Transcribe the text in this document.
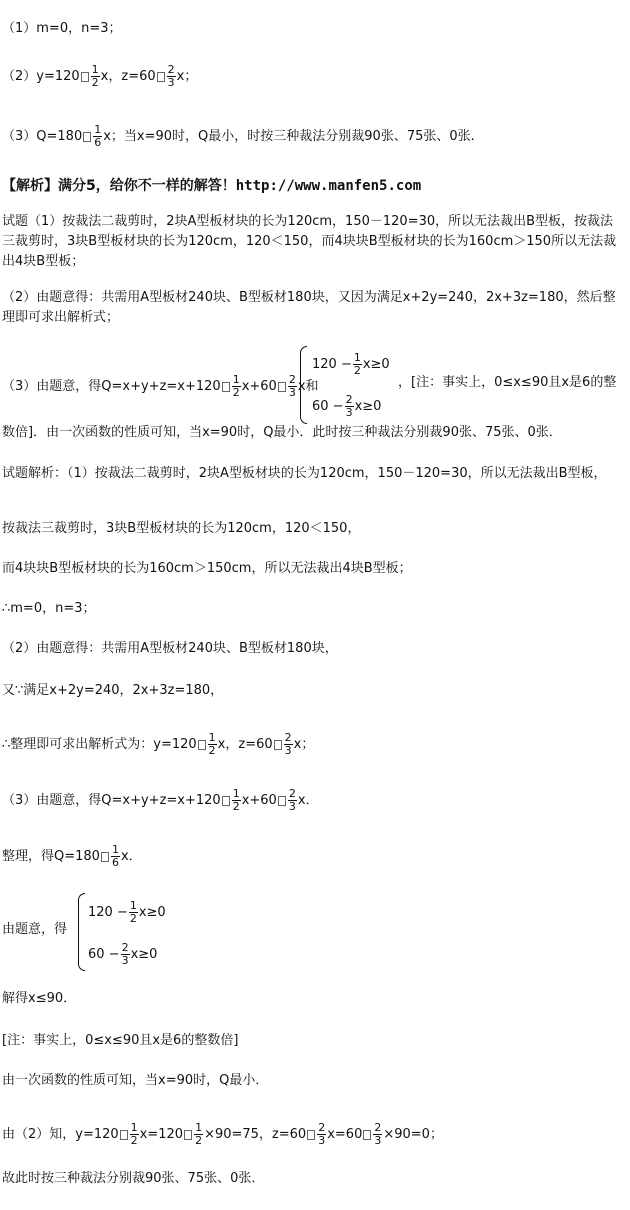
（1）m=0，n=3；
$(2)y=120 \frac{1}{2}$ x，$z=60 \frac{2}{3}$ x；
$(3)Q=180 \frac{1}{6}$ x；当x=90时，Q最小，时按三种裁法分别裁90张、75张、0张.
【解析】满分5，给你不一样的解答！http://www.manfen5.com
试题（1）按裁法二裁剪时，2块A型板材块的长为120cm，150－120=30，所以无法裁出B型板，按裁法三裁剪时，3块B型板材块的长为120cm，120＜150，而4块块B型板材块的长为160cm＞150所以无法裁出4块B型板；
（2）由题意得：共需用A型板材240块、B型板材180块，又因为满足x+2y=240，2x+3z=180，然后整理即可求出解析式；
（3）由题意，得$Q=x+y+z=x+120 \frac{1}{2} x+60 \frac{2}{3}$ x和
$120 - \frac{1}{2} x\ge 0$
$60 - \frac{2}{3} x\ge 0$
，[注：事实上，0≤x≤90且x是6的整
数倍]．由一次函数的性质可知，当x=90时，Q最小．此时按三种裁法分别裁90张、75张、0张．
试题解析：（1）按裁法二裁剪时，2块A型板材块的长为120cm，150－120=30，所以无法裁出B型板，
按裁法三裁剪时，3块B型板材块的长为120cm，120＜150，
而4块块B型板材块的长为160cm＞150cm，所以无法裁出4块B型板；
∴m=0，n=3；
（2）由题意得：共需用A型板材240块、B型板材180块，
又∵满足x+2y=240，2x+3z=180，
∴整理即可求出解析式为：$y=120 \frac{1}{2}$ x，$z=60 \frac{2}{3}$ x；
（3）由题意，得$Q=x+y+z=x+120 \frac{1}{2} x+60 \frac{2}{3}$ x．
整理，得$Q=180 \frac{1}{6}$ x．
由题意，得
$120 - \frac{1}{2} x\ge 0$
$60 - \frac{2}{3} x\ge 0$
解得x≤90．
[注：事实上，0≤x≤90且x是6的整数倍]
由一次函数的性质可知，当x=90时，Q最小．
由（2）知，$y=120 \frac{1}{2} x=120 \frac{1}{2} \times 90=75$，$z=60 \frac{2}{3} x=60 \frac{2}{3} \times 90=0$；
故此时按三种裁法分别裁90张、75张、0张．
